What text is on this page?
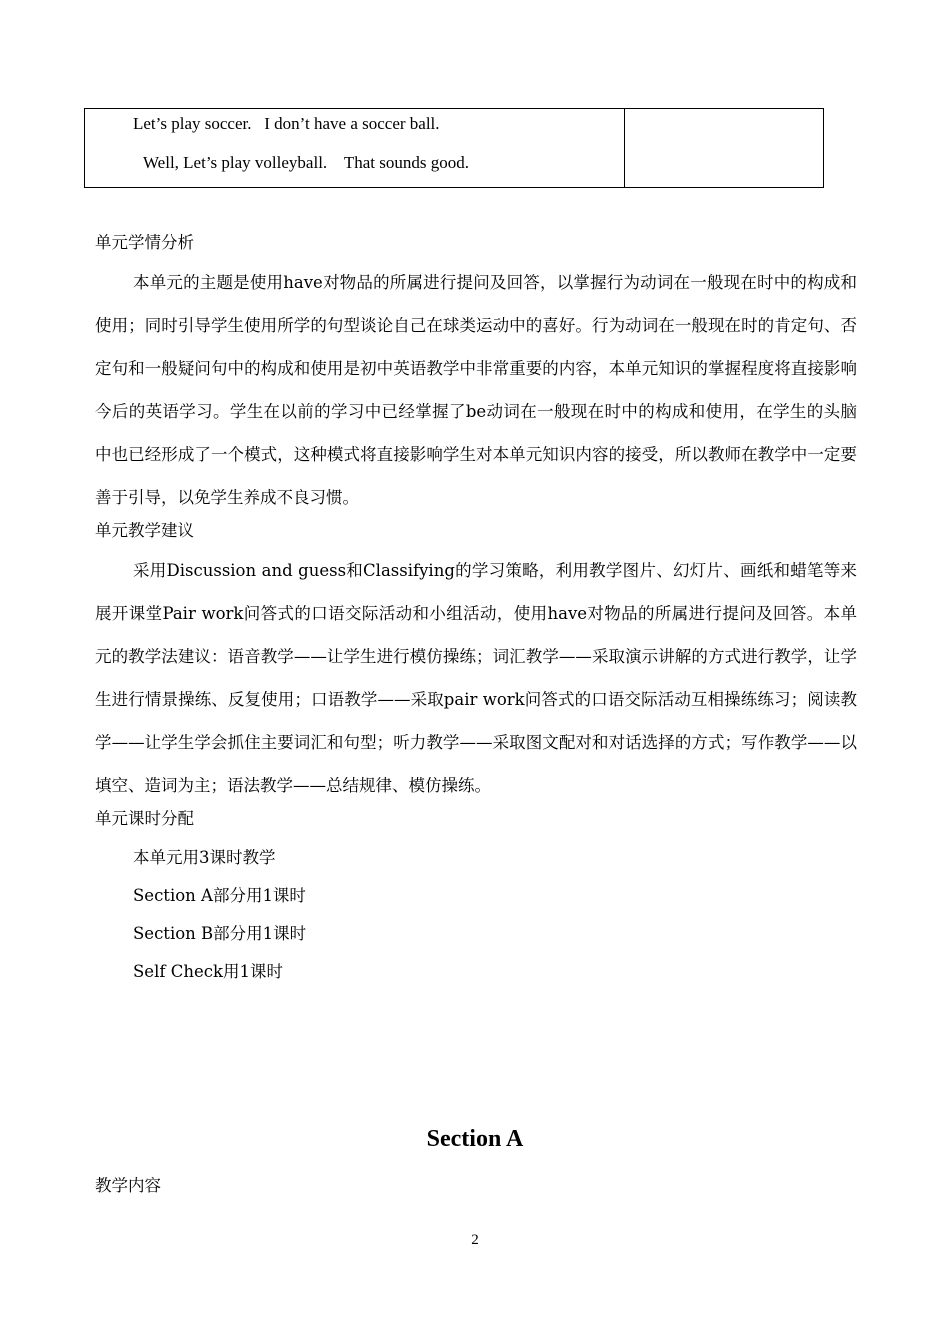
Let’s play soccer.   I don’t have a soccer ball.
Well, Let’s play volleyball.    That sounds good.
单元学情分析

本单元的主题是使用have对物品的所属进行提问及回答，以掌握行为动词在一般现在时中的构成和使用；同时引导学生使用所学的句型谈论自己在球类运动中的喜好。行为动词在一般现在时的肯定句、否定句和一般疑问句中的构成和使用是初中英语教学中非常重要的内容，本单元知识的掌握程度将直接影响今后的英语学习。学生在以前的学习中已经掌握了be动词在一般现在时中的构成和使用，在学生的头脑中也已经形成了一个模式，这种模式将直接影响学生对本单元知识内容的接受，所以教师在教学中一定要善于引导，以免学生养成不良习惯。

单元教学建议

采用Discussion and guess和Classifying的学习策略，利用教学图片、幻灯片、画纸和蜡笔等来展开课堂Pair work问答式的口语交际活动和小组活动，使用have对物品的所属进行提问及回答。本单元的教学法建议：语音教学——让学生进行模仿操练；词汇教学——采取演示讲解的方式进行教学，让学生进行情景操练、反复使用；口语教学——采取pair work问答式的口语交际活动互相操练练习；阅读教学——让学生学会抓住主要词汇和句型；听力教学——采取图文配对和对话选择的方式；写作教学——以填空、造词为主；语法教学——总结规律、模仿操练。

单元课时分配
本单元用3课时教学
Section A部分用1课时
Section B部分用1课时
Self Check用1课时
Section A
教学内容
2
